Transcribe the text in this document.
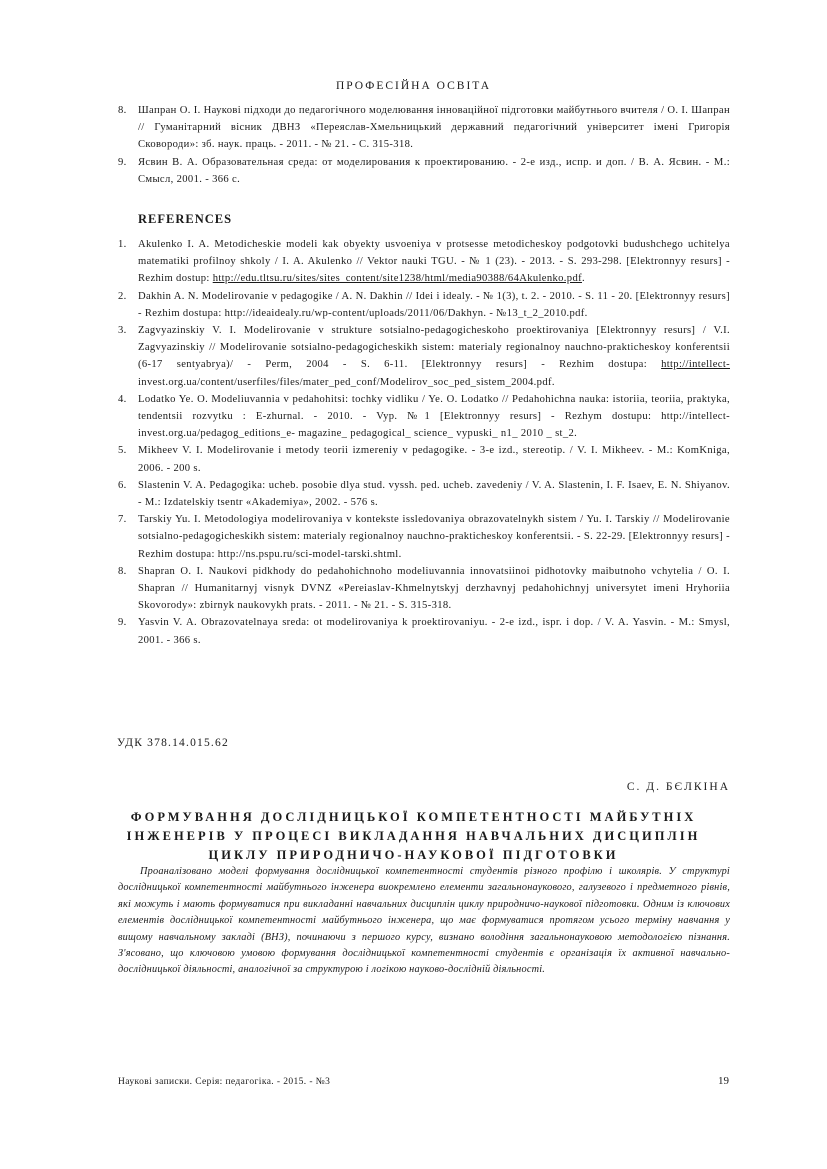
ПРОФЕСІЙНА ОСВІТА
8.	Шапран О. І. Наукові підходи до педагогічного моделювання інноваційної підготовки майбутнього вчителя / О. І. Шапран // Гуманітарний вісник ДВНЗ «Переяслав-Хмельницький державний педагогічний університет імені Григорія Сковороди»: зб. наук. праць. - 2011. - № 21. - С. 315-318.
9.	Ясвин В. А. Образовательная среда: от моделирования к проектированию. - 2-е изд., испр. и доп. / В. А. Ясвин. - М.: Смысл, 2001. - 366 с.
REFERENCES
1.	Akulenko I. A. Metodicheskie modeli kak obyekty usvoeniya v protsesse metodicheskoy podgotovki budushchego uchitelya matematiki profilnoy shkoly / I. A. Akulenko // Vektor nauki TGU. - № 1 (23). - 2013. - S. 293-298. [Elektronnyy resurs] - Rezhim dostup: http://edu.tltsu.ru/sites/sites_content/site1238/html/media90388/64Akulenko.pdf.
2.	Dakhin A. N. Modelirovanie v pedagogike / A. N. Dakhin // Idei i idealy. - № 1(3), t. 2. - 2010. - S. 11 - 20. [Elektronnyy resurs] - Rezhim dostupa: http://ideaidealy.ru/wp-content/uploads/2011/06/Dakhyn. - №13_t_2_2010.pdf.
3.	Zagvyazinskiy V. I. Modelirovanie v strukture sotsialno-pedagogicheskoho proektirovaniya [Elektronnyy resurs] / V.I. Zagvyazinskiy // Modelirovanie sotsialno-pedagogicheskikh sistem: materialy regionalnoy nauchno-prakticheskoy konferentsii (6-17 sentyabrya)/ - Perm, 2004 - S. 6-11. [Elektronnyy resurs] - Rezhim dostupa: http://intellect- invest.org.ua/content/userfiles/files/mater_ped_conf/Modelirov_soc_ped_sistem_2004.pdf.
4.	Lodatko Ye. O. Modeliuvannia v pedahohitsi: tochky vidliku / Ye. O. Lodatko // Pedahohichna nauka: istoriia, teoriia, praktyka, tendentsii rozvytku : E-zhurnal. - 2010. - Vyp. №1 [Elektronnyy resurs] - Rezhym dostupu: http://intellect-invest.org.ua/pedagog_editions_e- magazine_ pedagogical_ science_ vypuski_ n1_ 2010 _ st_2.
5.	Mikheev V. I. Modelirovanie i metody teorii izmereniy v pedagogike. - 3-e izd., stereotip. / V. I. Mikheev. - M.: KomKniga, 2006. - 200 s.
6.	Slastenin V. A. Pedagogika: ucheb. posobie dlya stud. vyssh. ped. ucheb. zavedeniy / V. A. Slastenin, I. F. Isaev, E. N. Shiyanov. - M.: Izdatelskiy tsentr «Akademiya», 2002. - 576 s.
7.	Tarskiy Yu. I. Metodologiya modelirovaniya v kontekste issledovaniya obrazovatelnykh sistem / Yu. I. Tarskiy // Modelirovanie sotsialno-pedagogicheskikh sistem: materialy regionalnoy nauchno-prakticheskoy konferentsii. - S. 22-29. [Elektronnyy resurs] - Rezhim dostupa: http://ns.pspu.ru/sci-model-tarski.shtml.
8.	Shapran O. I. Naukovi pidkhody do pedahohichnoho modeliuvannia innovatsiinoi pidhotovky maibutnoho vchytelia / O. I. Shapran // Humanitarnyj visnyk DVNZ «Pereiaslav-Khmelnytskyj derzhavnyj pedahohichnyj universytet imeni Hryhoriia Skovorody»: zbirnyk naukovykh prats. - 2011. - № 21. - S. 315-318.
9.	Yasvin V. A. Obrazovatelnaya sreda: ot modelirovaniya k proektirovaniyu. - 2-e izd., ispr. i dop. / V. A. Yasvin. - M.: Smysl, 2001. - 366 s.
УДК 378.14.015.62
С. Д. БЄЛКІНА
ФОРМУВАННЯ ДОСЛІДНИЦЬКОЇ КОМПЕТЕНТНОСТІ МАЙБУТНІХ
ІНЖЕНЕРІВ У ПРОЦЕСІ ВИКЛАДАННЯ НАВЧАЛЬНИХ ДИСЦИПЛІН
ЦИКЛУ ПРИРОДНИЧО-НАУКОВОЇ ПІДГОТОВКИ
Проаналізовано моделі формування дослідницької компетентності студентів різного профілю і школярів. У структурі дослідницької компетентності майбутнього інженера виокремлено елементи загальнонаукового, галузевого і предметного рівнів, які можуть і мають формуватися при викладанні навчальних дисциплін циклу природничо-наукової підготовки. Одним із ключових елементів дослідницької компетентності майбутнього інженера, що має формуватися протягом усього терміну навчання у вищому навчальному закладі (ВНЗ), починаючи з першого курсу, визнано володіння загальнонауковою методологією пізнання. З'ясовано, що ключовою умовою формування дослідницької компетентності студентів є організація їх активної навчально-дослідницької діяльності, аналогічної за структурою і логікою науково-дослідній діяльності.
Наукові записки. Серія: педагогіка. - 2015. - №3	19
